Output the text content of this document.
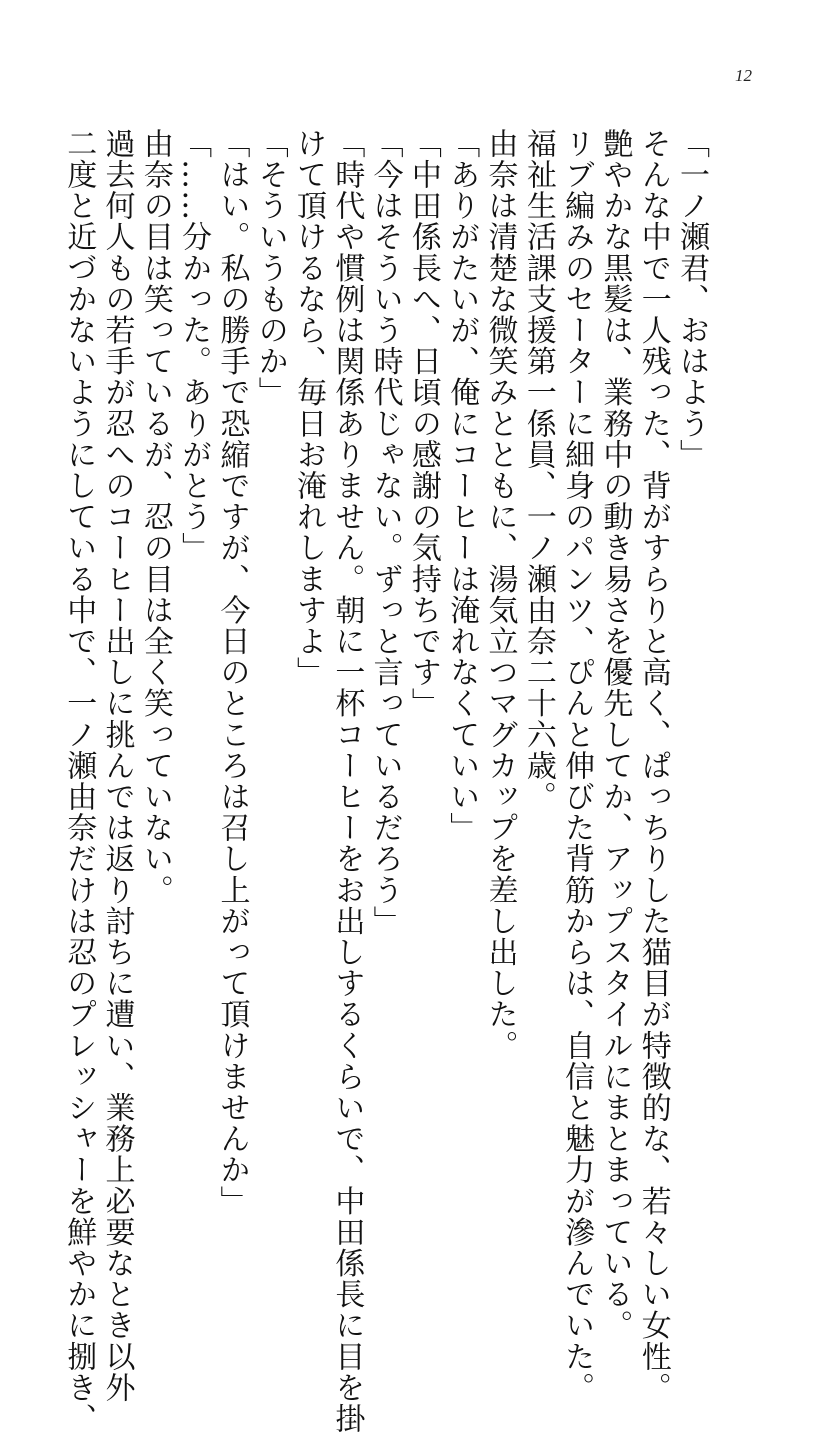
12
「一ノ瀬君、おはよう」
そんな中で一人残った、背がすらりと高く、ぱっちりした猫目が特徴的な、若々しい女性。
艶やかな黒髪は、業務中の動き易さを優先してか、アップスタイルにまとまっている。
リブ編みのセーターに細身のパンツ、ぴんと伸びた背筋からは、自信と魅力が滲んでいた。
福祉生活課支援第一係員、一ノ瀬由奈二十六歳。
由奈は清楚な微笑みとともに、湯気立つマグカップを差し出した。
「ありがたいが、俺にコーヒーは淹れなくていい」
「中田係長へ、日頃の感謝の気持ちです」
「今はそういう時代じゃない。ずっと言っているだろう」
「時代や慣例は関係ありません。朝に一杯コーヒーをお出しするくらいで、中田係長に目を掛
けて頂けるなら、毎日お淹れしますよ」
「そういうものか」
「はい。私の勝手で恐縮ですが、今日のところは召し上がって頂けませんか」
「……分かった。ありがとう」
由奈の目は笑っているが、忍の目は全く笑っていない。
過去何人もの若手が忍へのコーヒー出しに挑んでは返り討ちに遭い、業務上必要なとき以外
二度と近づかないようにしている中で、一ノ瀬由奈だけは忍のプレッシャーを鮮やかに捌き、
